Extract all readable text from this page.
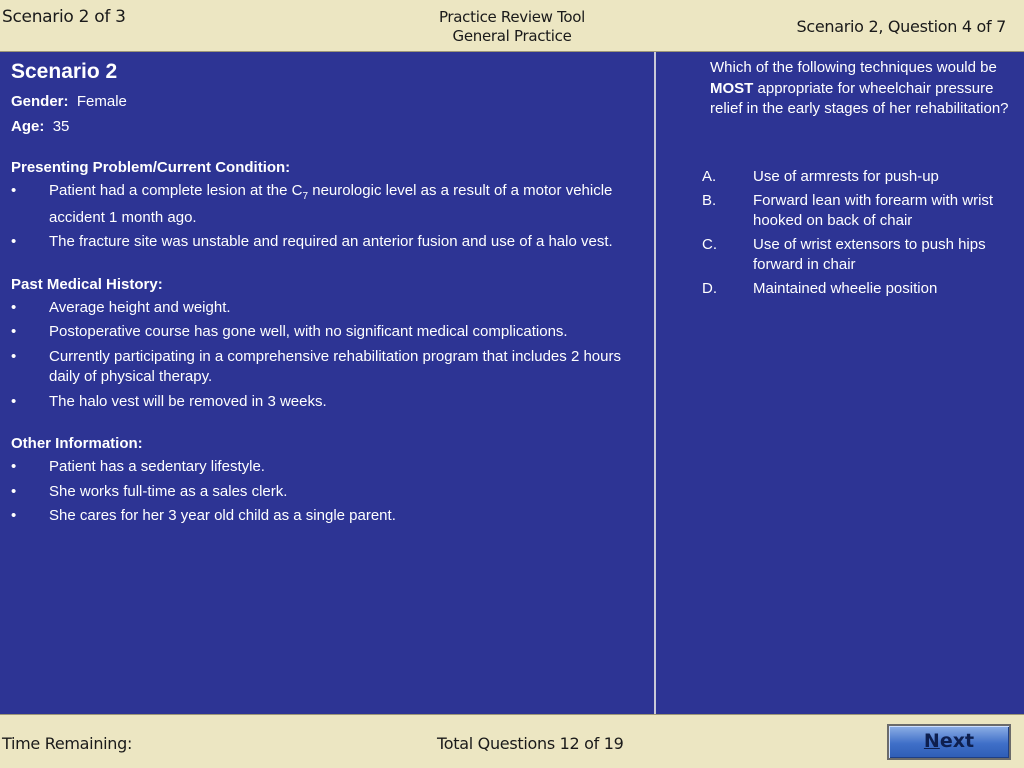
Scenario 2 of 3	Practice Review Tool
General Practice	Scenario 2, Question 4 of 7
Scenario 2
Gender: Female
Age: 35
Presenting Problem/Current Condition:
• Patient had a complete lesion at the $C_7$ neurologic level as a result of a motor vehicle accident 1 month ago.
• The fracture site was unstable and required an anterior fusion and use of a halo vest.
Past Medical History:
• Average height and weight.
• Postoperative course has gone well, with no significant medical complications.
• Currently participating in a comprehensive rehabilitation program that includes 2 hours daily of physical therapy.
• The halo vest will be removed in 3 weeks.
Other Information:
• Patient has a sedentary lifestyle.
• She works full-time as a sales clerk.
• She cares for her 3 year old child as a single parent.
Which of the following techniques would be MOST appropriate for wheelchair pressure relief in the early stages of her rehabilitation?
A. Use of armrests for push-up
B. Forward lean with forearm with wrist hooked on back of chair
C. Use of wrist extensors to push hips forward in chair
D. Maintained wheelie position
Time Remaining:	Total Questions 12 of 19	Next
